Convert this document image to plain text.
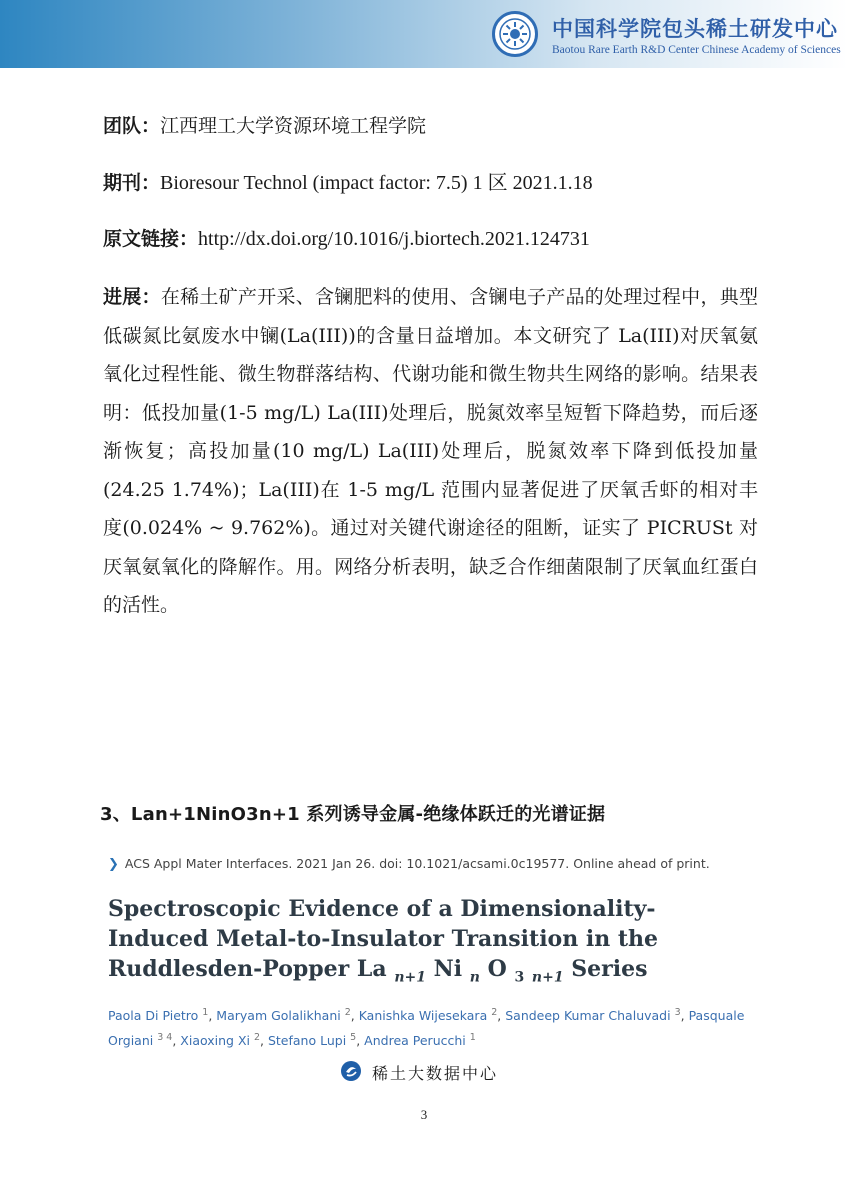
中国科学院包头稀土研发中心
Baotou Rare Earth R&D Center Chinese Academy of Sciences
团队：江西理工大学资源环境工程学院
期刊：Bioresour Technol (impact factor: 7.5) 1 区 2021.1.18
原文链接：http://dx.doi.org/10.1016/j.biortech.2021.124731
进展：在稀土矿产开采、含镧肥料的使用、含镧电子产品的处理过程中，典型低碳氮比氨废水中镧(La(III))的含量日益增加。本文研究了 La(III)对厌氧氨氧化过程性能、微生物群落结构、代谢功能和微生物共生网络的影响。结果表明：低投加量(1-5 mg/L) La(III)处理后，脱氮效率呈短暂下降趋势，而后逐渐恢复；高投加量(10 mg/L) La(III)处理后，脱氮效率下降到低投加量(24.25 1.74%)；La(III)在 1-5 mg/L 范围内显著促进了厌氧舌虾的相对丰度(0.024% ~ 9.762%)。通过对关键代谢途径的阻断，证实了 PICRUSt 对厌氧氨氧化的降解作。用。网络分析表明，缺乏合作细菌限制了厌氧血红蛋白的活性。
3、Lan+1NinO3n+1 系列诱导金属-绝缘体跃迁的光谱证据
❯ ACS Appl Mater Interfaces. 2021 Jan 26. doi: 10.1021/acsami.0c19577. Online ahead of print.
Spectroscopic Evidence of a Dimensionality-Induced Metal-to-Insulator Transition in the Ruddlesden-Popper La $_{n+1}$ Ni $_n$ O $_3$ $_{n+1}$ Series
Paola Di Pietro $^1$, Maryam Golalikhani $^2$, Kanishka Wijesekara $^2$, Sandeep Kumar Chaluvadi $^3$, Pasquale Orgiani $^{3 4}$, Xiaoxing Xi $^2$, Stefano Lupi $^5$, Andrea Perucchi $^1$
稀土大数据中心
3
